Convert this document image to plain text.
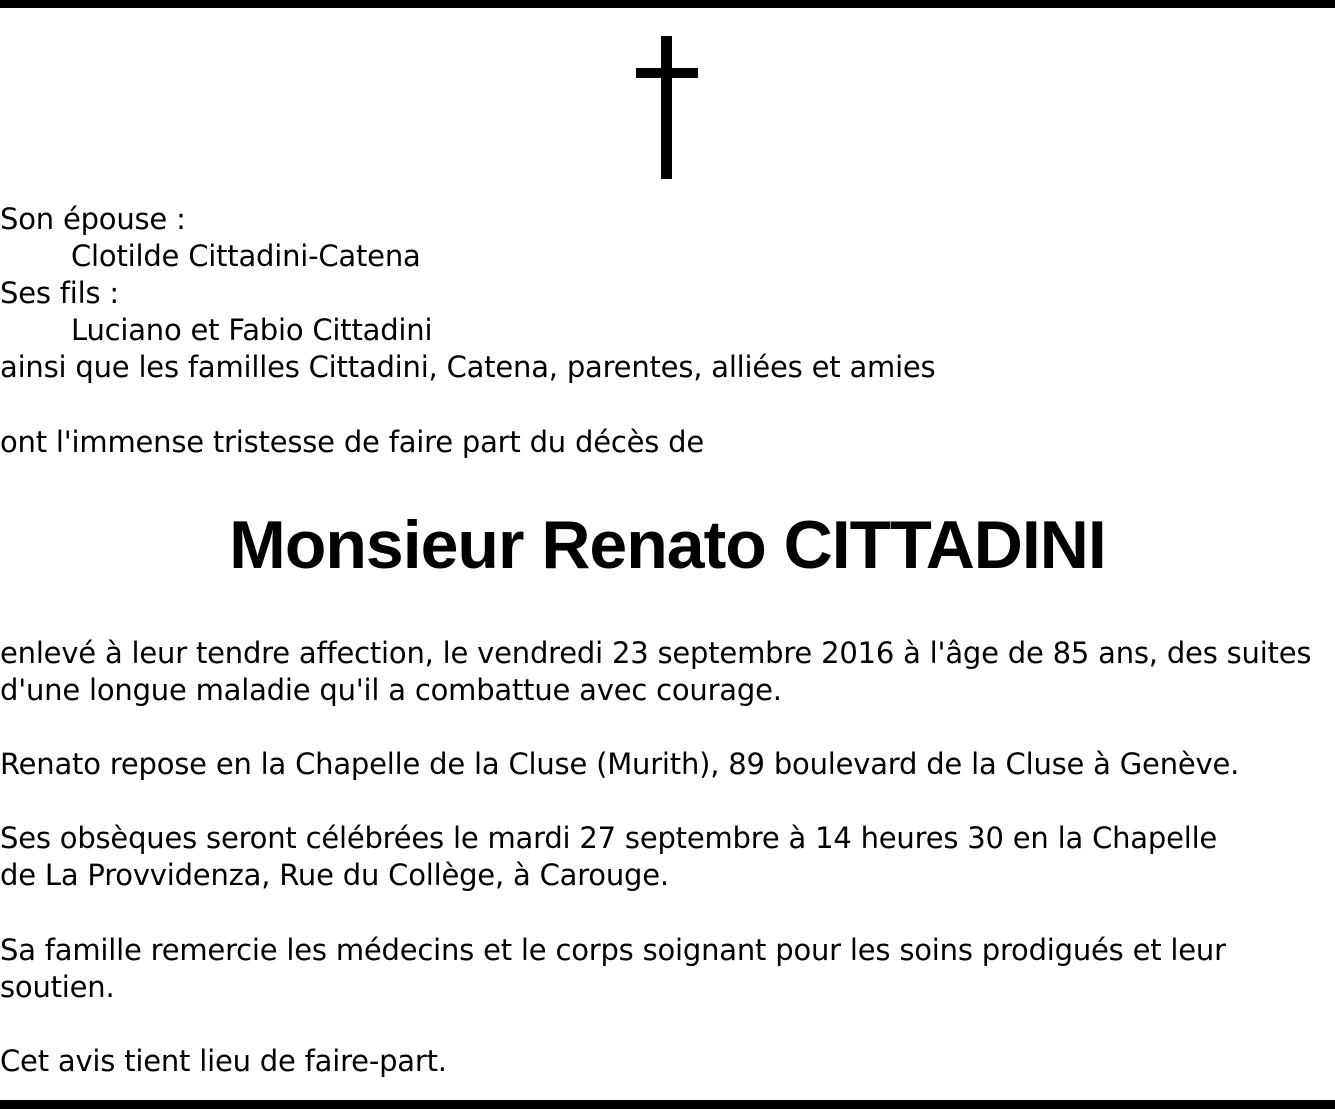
Son épouse :
Clotilde Cittadini-Catena
Ses fils :
Luciano et Fabio Cittadini
ainsi que les familles Cittadini, Catena, parentes, alliées et amies
ont l'immense tristesse de faire part du décès de
Monsieur Renato CITTADINI
enlevé à leur tendre affection, le vendredi 23 septembre 2016 à l'âge de 85 ans, des suites
d'une longue maladie qu'il a combattue avec courage.
Renato repose en la Chapelle de la Cluse (Murith), 89 boulevard de la Cluse à Genève.
Ses obsèques seront célébrées le mardi 27 septembre à 14 heures 30 en la Chapelle
de La Provvidenza, Rue du Collège, à Carouge.
Sa famille remercie les médecins et le corps soignant pour les soins prodigués et leur
soutien.
Cet avis tient lieu de faire-part.
